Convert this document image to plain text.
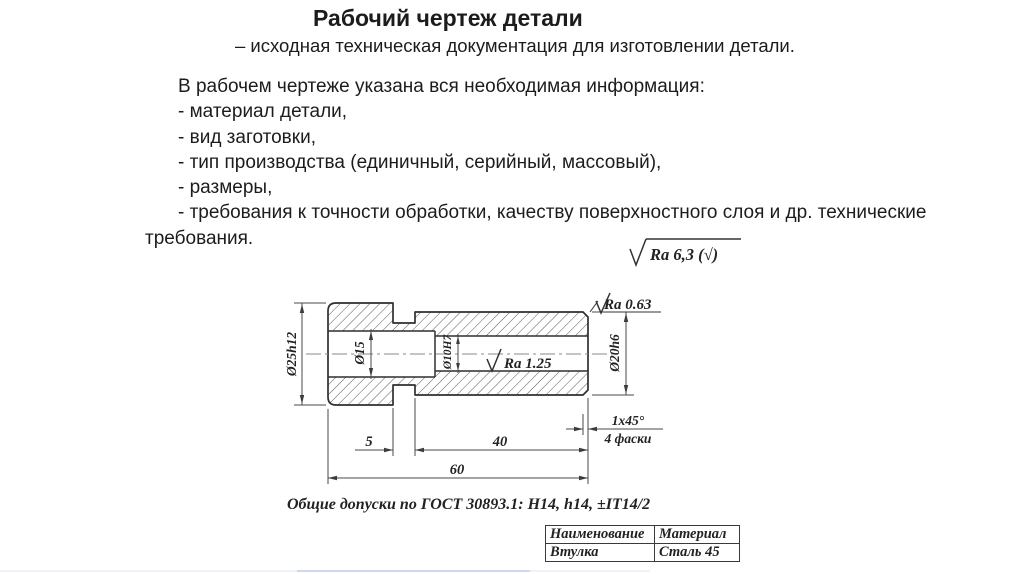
Рабочий чертеж детали
– исходная техническая документация для изготовлении детали.
В рабочем чертеже указана вся необходимая информация:
- материал детали,
- вид заготовки,
- тип производства (единичный, серийный, массовый),
- размеры,
- требования к точности обработки, качеству поверхностного слоя и др. технические требования.
Ø25h12	Ø15	Ø10H7	Ø20h6
5	40
60
1x45°
4 фаски
Ra 0.63
Ra 1.25
Ra 6,3 (√)
Общие допуски по ГОСТ 30893.1: H14, h14, ±IT14/2
Наименование	Материал
Втулка	Сталь 45
